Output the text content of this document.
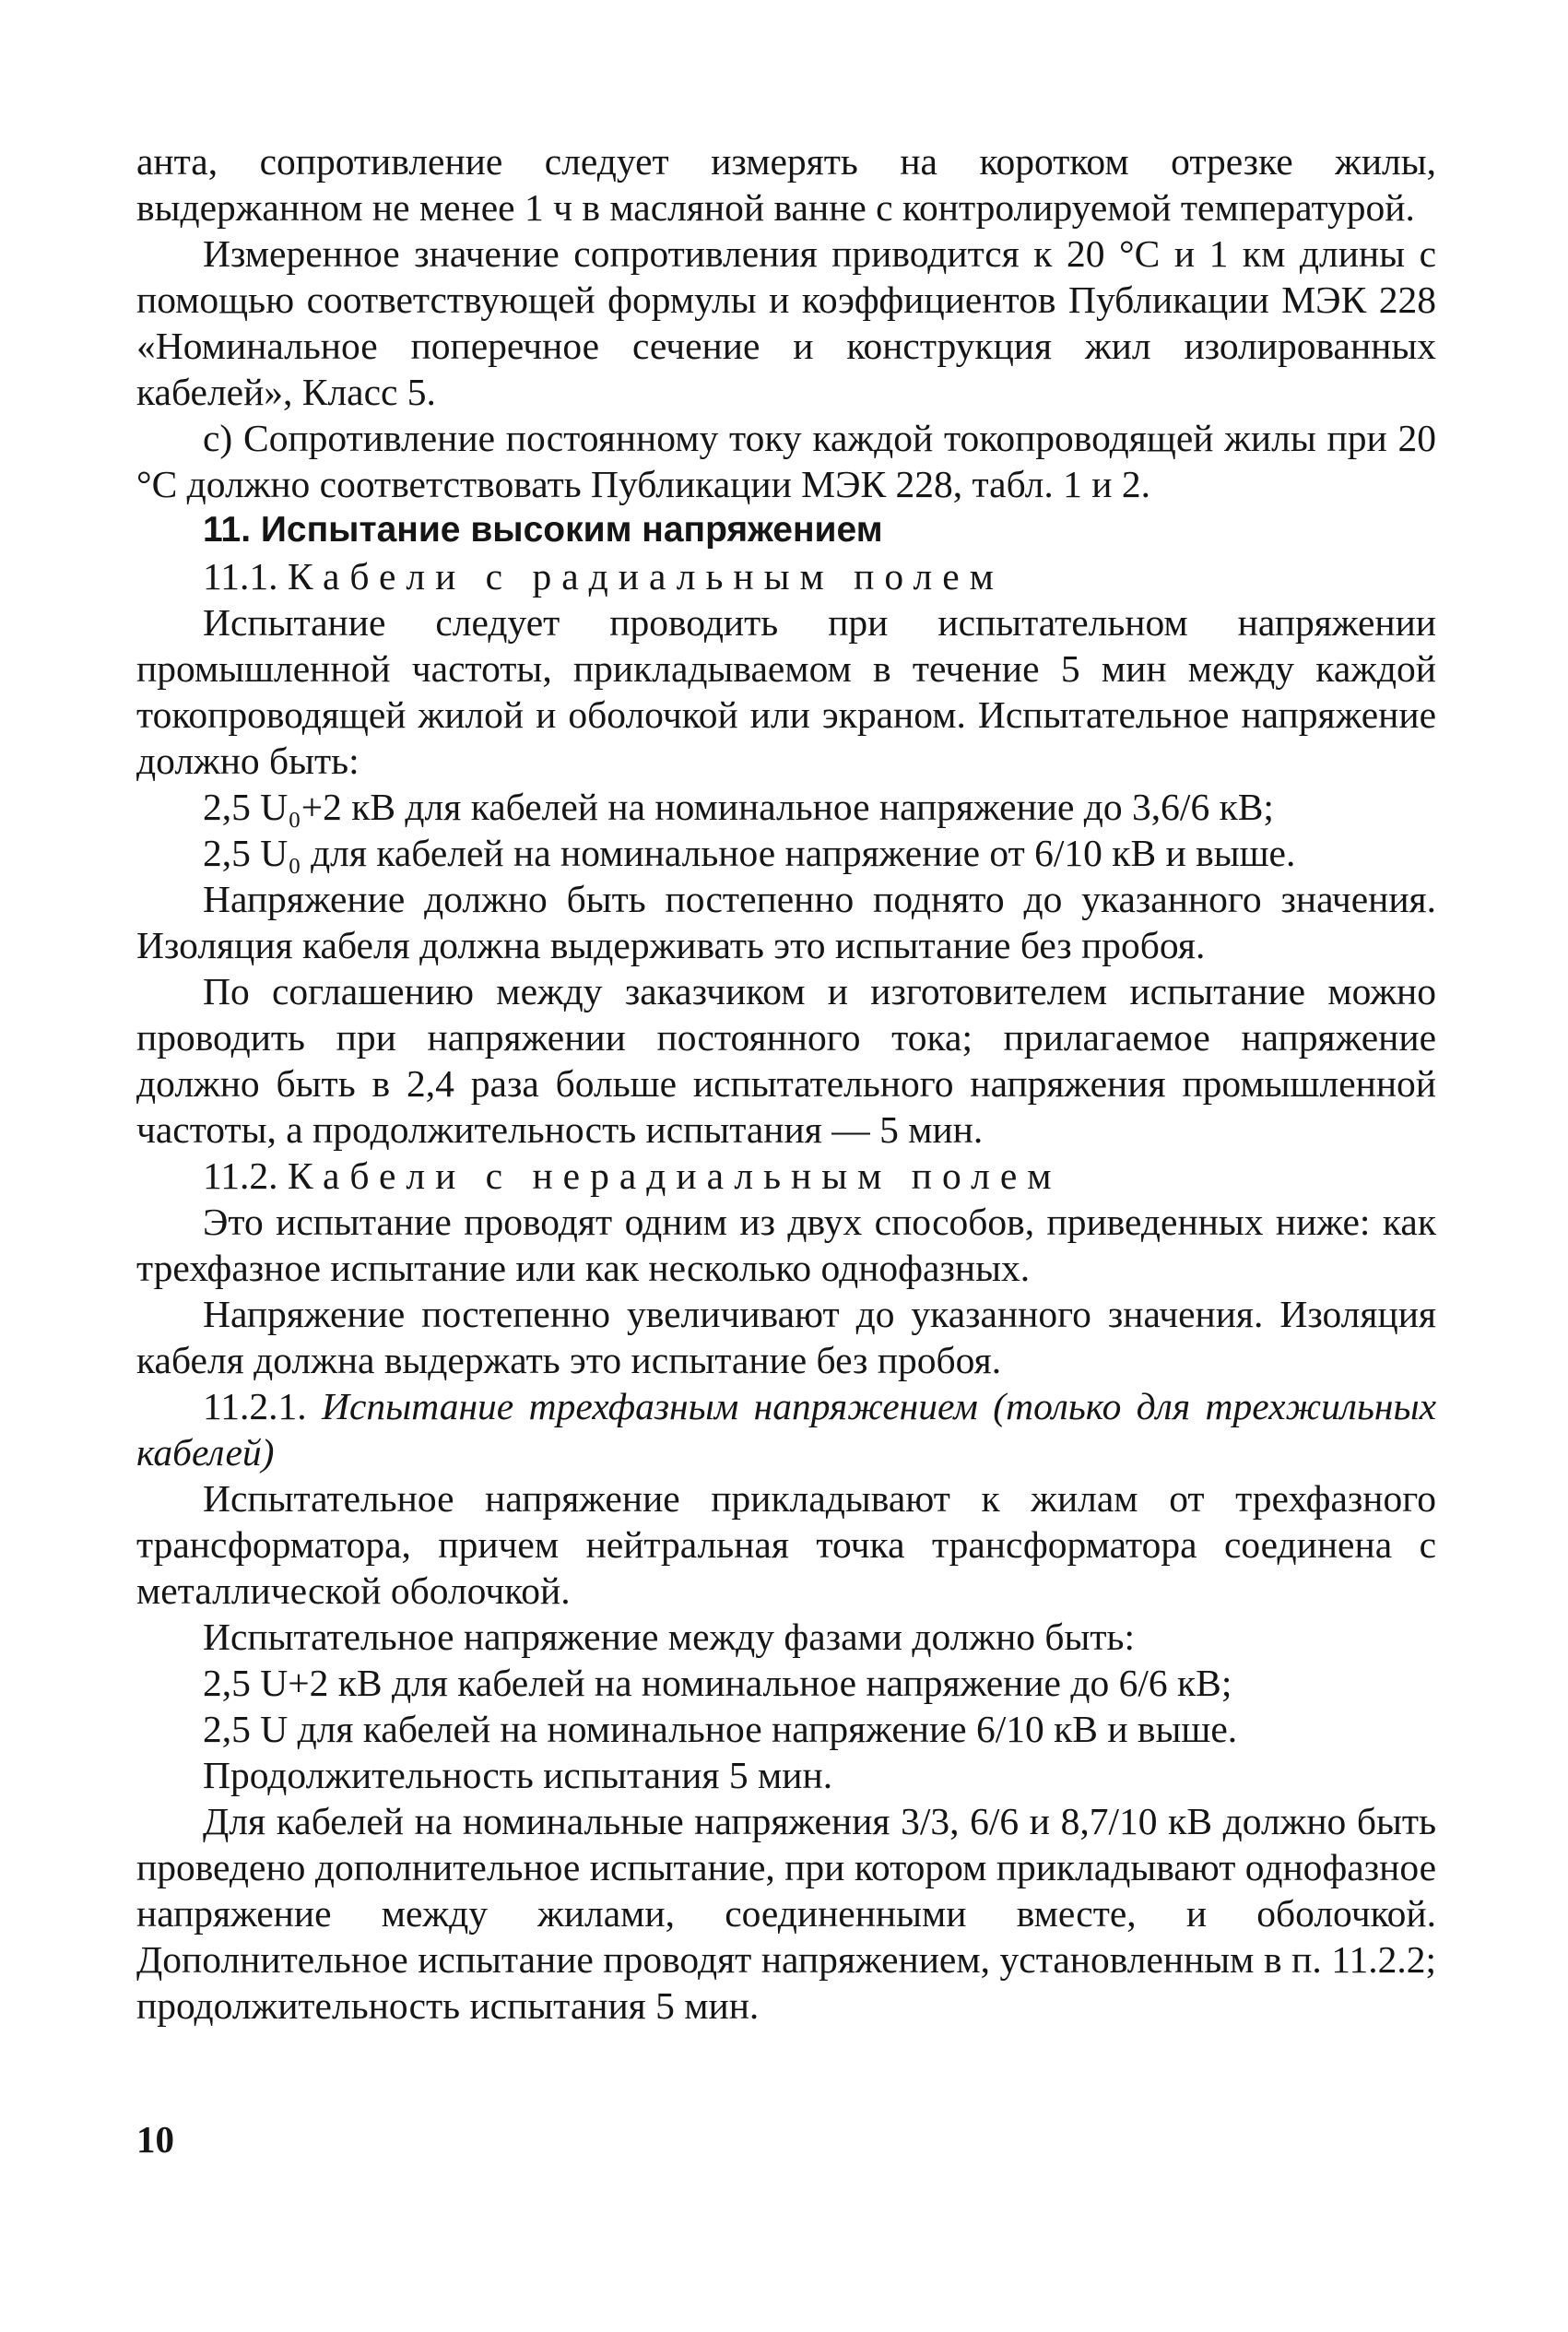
анта, сопротивление следует измерять на коротком отрезке жилы, выдержанном не менее 1 ч в масляной ванне с контролируемой температурой.

Измеренное значение сопротивления приводится к 20 °С и 1 км длины с помощью соответствующей формулы и коэффициентов Публикации МЭК 228 «Номинальное поперечное сечение и конструкция жил изолированных кабелей», Класс 5.

с) Сопротивление постоянному току каждой токопроводящей жилы при 20 °С должно соответствовать Публикации МЭК 228, табл. 1 и 2.

11. Испытание высоким напряжением

11.1. Кабели с радиальным полем

Испытание следует проводить при испытательном напряжении промышленной частоты, прикладываемом в течение 5 мин между каждой токопроводящей жилой и оболочкой или экраном. Испытательное напряжение должно быть:

2,5 U₀+2 кВ для кабелей на номинальное напряжение до 3,6/6 кВ;

2,5 U₀ для кабелей на номинальное напряжение от 6/10 кВ и выше.

Напряжение должно быть постепенно поднято до указанного значения. Изоляция кабеля должна выдерживать это испытание без пробоя.

По соглашению между заказчиком и изготовителем испытание можно проводить при напряжении постоянного тока; прилагаемое напряжение должно быть в 2,4 раза больше испытательного напряжения промышленной частоты, а продолжительность испытания — 5 мин.

11.2. Кабели с нерадиальным полем

Это испытание проводят одним из двух способов, приведенных ниже: как трехфазное испытание или как несколько однофазных.

Напряжение постепенно увеличивают до указанного значения. Изоляция кабеля должна выдержать это испытание без пробоя.

11.2.1. Испытание трехфазным напряжением (только для трехжильных кабелей)

Испытательное напряжение прикладывают к жилам от трехфазного трансформатора, причем нейтральная точка трансформатора соединена с металлической оболочкой.

Испытательное напряжение между фазами должно быть:

2,5 U+2 кВ для кабелей на номинальное напряжение до 6/6 кВ;

2,5 U для кабелей на номинальное напряжение 6/10 кВ и выше.

Продолжительность испытания 5 мин.

Для кабелей на номинальные напряжения 3/3, 6/6 и 8,7/10 кВ должно быть проведено дополнительное испытание, при котором прикладывают однофазное напряжение между жилами, соединенными вместе, и оболочкой. Дополнительное испытание проводят напряжением, установленным в п. 11.2.2; продолжительность испытания 5 мин.

10
